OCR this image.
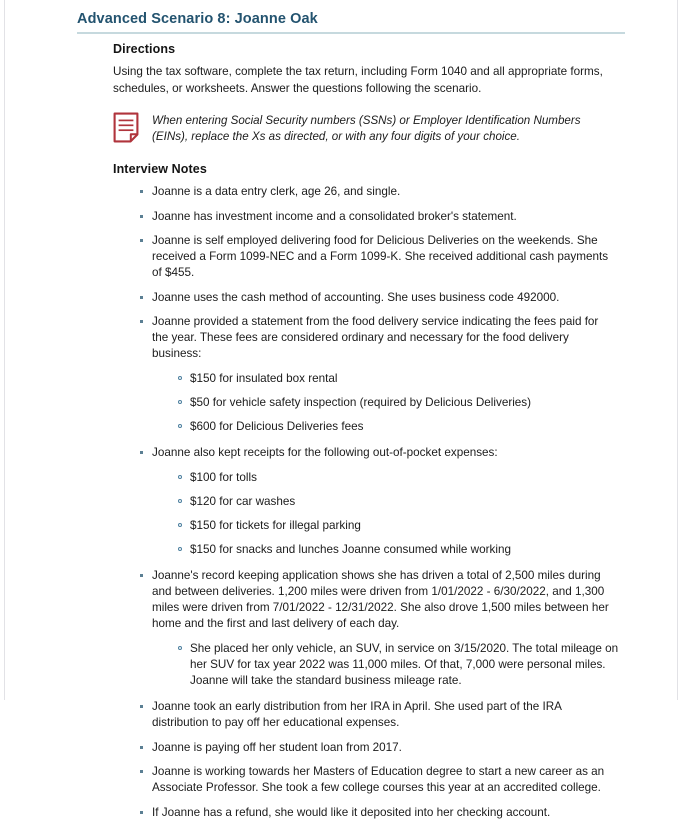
Advanced Scenario 8: Joanne Oak
Directions

Using the tax software, complete the tax return, including Form 1040 and all appropriate forms, schedules, or worksheets. Answer the questions following the scenario.

When entering Social Security numbers (SSNs) or Employer Identification Numbers (EINs), replace the Xs as directed, or with any four digits of your choice.
Interview Notes
Joanne is a data entry clerk, age 26, and single.
Joanne has investment income and a consolidated broker's statement.
Joanne is self employed delivering food for Delicious Deliveries on the weekends. She received a Form 1099-NEC and a Form 1099-K. She received additional cash payments of $455.
Joanne uses the cash method of accounting. She uses business code 492000.
Joanne provided a statement from the food delivery service indicating the fees paid for the year. These fees are considered ordinary and necessary for the food delivery business:
$150 for insulated box rental
$50 for vehicle safety inspection (required by Delicious Deliveries)
$600 for Delicious Deliveries fees
Joanne also kept receipts for the following out-of-pocket expenses:
$100 for tolls
$120 for car washes
$150 for tickets for illegal parking
$150 for snacks and lunches Joanne consumed while working
Joanne's record keeping application shows she has driven a total of 2,500 miles during and between deliveries. 1,200 miles were driven from 1/01/2022 - 6/30/2022, and 1,300 miles were driven from 7/01/2022 - 12/31/2022. She also drove 1,500 miles between her home and the first and last delivery of each day.
She placed her only vehicle, an SUV, in service on 3/15/2020. The total mileage on her SUV for tax year 2022 was 11,000 miles. Of that, 7,000 were personal miles. Joanne will take the standard business mileage rate.
Joanne took an early distribution from her IRA in April. She used part of the IRA distribution to pay off her educational expenses.
Joanne is paying off her student loan from 2017.
Joanne is working towards her Masters of Education degree to start a new career as an Associate Professor. She took a few college courses this year at an accredited college.
If Joanne has a refund, she would like it deposited into her checking account.
